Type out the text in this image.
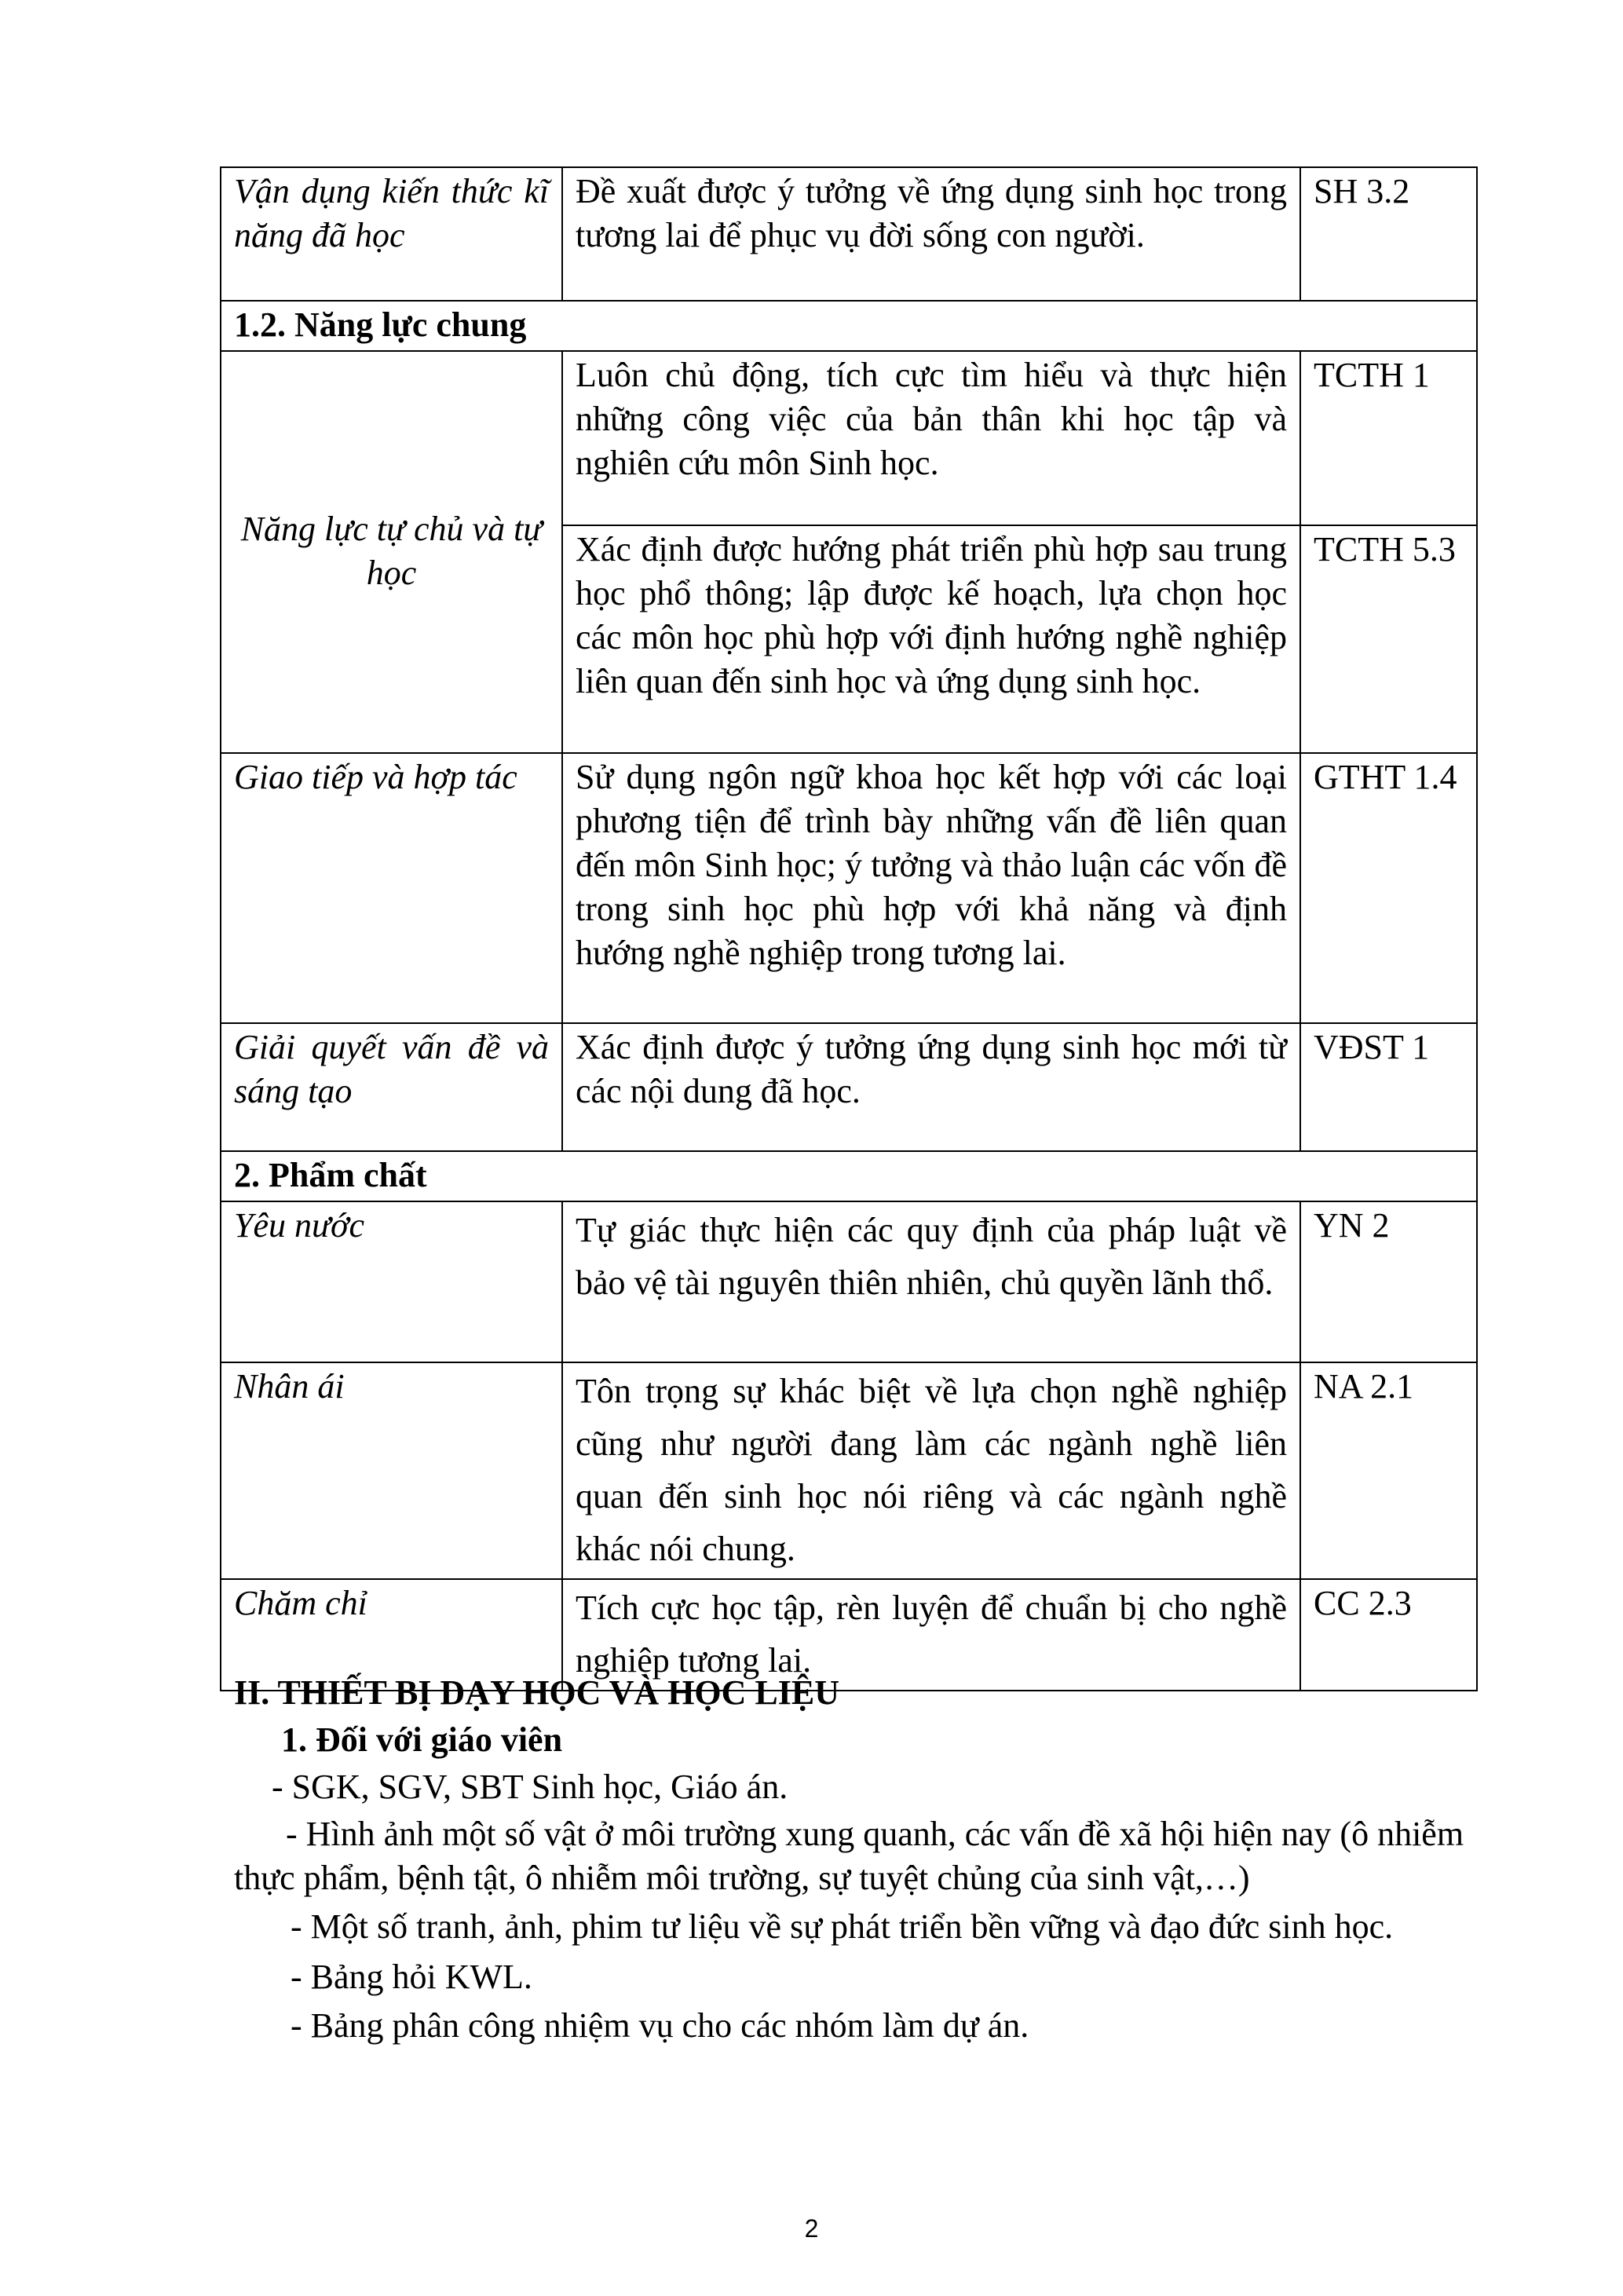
Vận dụng kiến thức kĩ năng đã học	Đề xuất được ý tưởng về ứng dụng sinh học trong tương lai để phục vụ đời sống con người.	SH 3.2
1.2. Năng lực chung		
Năng lực tự chủ và tự học	Luôn chủ động, tích cực tìm hiểu và thực hiện những công việc của bản thân khi học tập và nghiên cứu môn Sinh học.	TCTH 1
	Xác định được hướng phát triển phù hợp sau trung học phổ thông; lập được kế hoạch, lựa chọn học các môn học phù hợp với định hướng nghề nghiệp liên quan đến sinh học và ứng dụng sinh học.	TCTH 5.3
Giao tiếp và hợp tác	Sử dụng ngôn ngữ khoa học kết hợp với các loại phương tiện để trình bày những vấn đề liên quan đến môn Sinh học; ý tưởng và thảo luận các vốn đề trong sinh học phù hợp với khả năng và định hướng nghề nghiệp trong tương lai.	GTHT 1.4
Giải quyết vấn đề và sáng tạo	Xác định được ý tưởng ứng dụng sinh học mới từ các nội dung đã học.	VĐST 1
2. Phẩm chất		
Yêu nước	Tự giác thực hiện các quy định của pháp luật về bảo vệ tài nguyên thiên nhiên, chủ quyền lãnh thổ.	YN 2
Nhân ái	Tôn trọng sự khác biệt về lựa chọn nghề nghiệp cũng như người đang làm các ngành nghề liên quan đến sinh học nói riêng và các ngành nghề khác nói chung.	NA 2.1
Chăm chỉ	Tích cực học tập, rèn luyện để chuẩn bị cho nghề nghiệp tương lai.	CC 2.3

II. THIẾT BỊ DẠY HỌC VÀ HỌC LIỆU

1. Đối với giáo viên

- SGK, SGV, SBT Sinh học, Giáo án.

- Hình ảnh một số vật ở môi trường xung quanh, các vấn đề xã hội hiện nay (ô nhiễm thực phẩm, bệnh tật, ô nhiễm môi trường, sự tuyệt chủng của sinh vật,…)

- Một số tranh, ảnh, phim tư liệu về sự phát triển bền vững và đạo đức sinh học.

- Bảng hỏi KWL.

- Bảng phân công nhiệm vụ cho các nhóm làm dự án.

2
